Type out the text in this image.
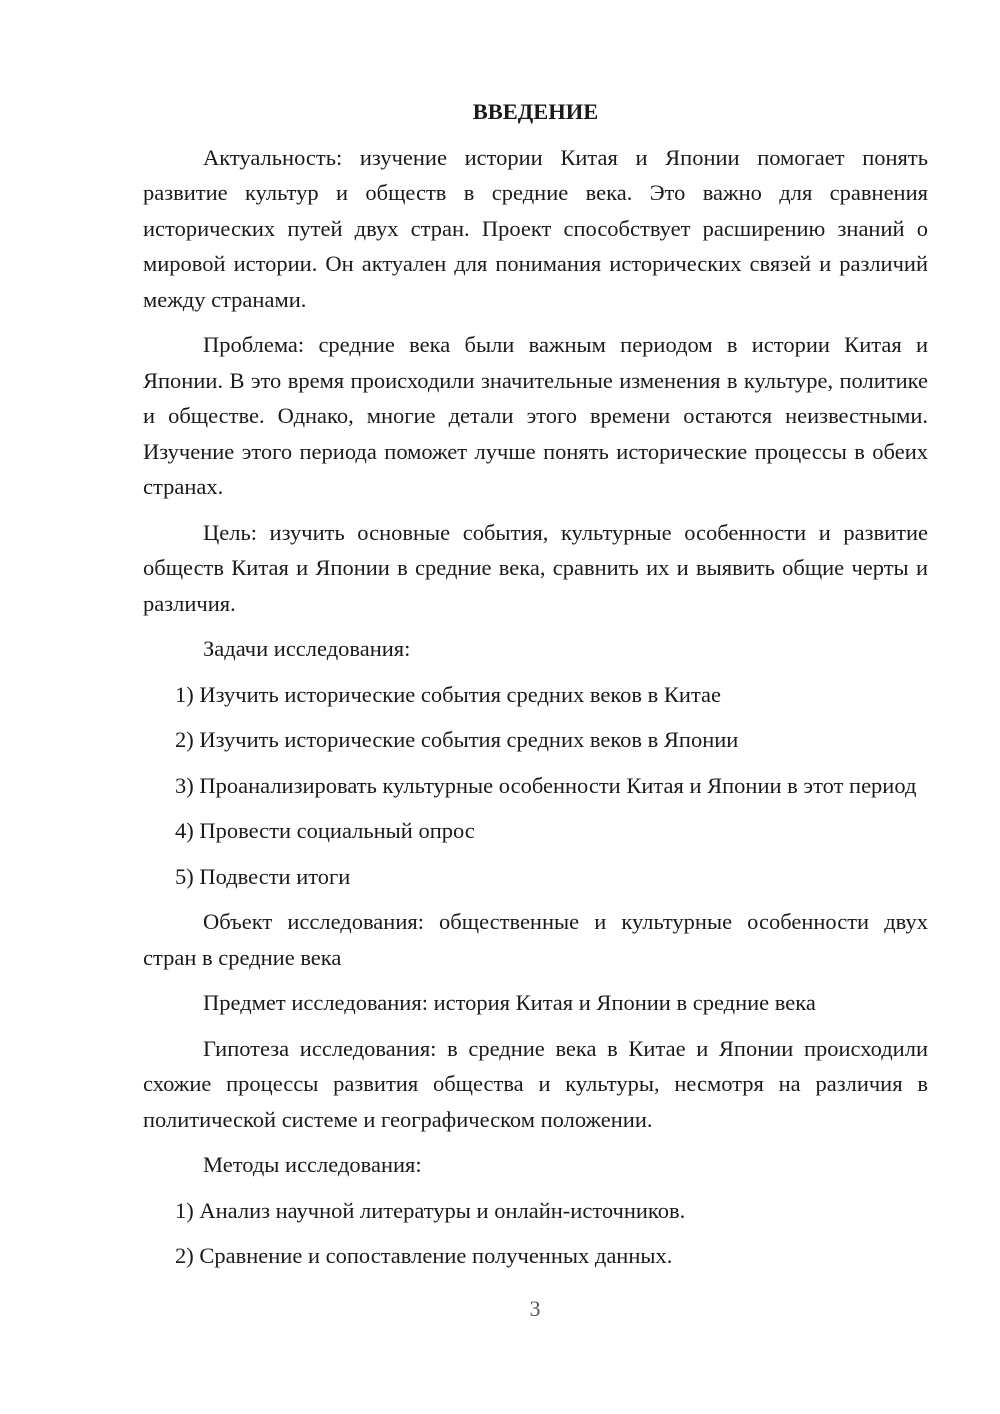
ВВЕДЕНИЕ
Актуальность: изучение истории Китая и Японии помогает понять развитие культур и обществ в средние века. Это важно для сравнения исторических путей двух стран. Проект способствует расширению знаний о мировой истории. Он актуален для понимания исторических связей и различий между странами.
Проблема: средние века были важным периодом в истории Китая и Японии. В это время происходили значительные изменения в культуре, политике и обществе. Однако, многие детали этого времени остаются неизвестными. Изучение этого периода поможет лучше понять исторические процессы в обеих странах.
Цель: изучить основные события, культурные особенности и развитие обществ Китая и Японии в средние века, сравнить их и выявить общие черты и различия.
Задачи исследования:
1) Изучить исторические события средних веков в Китае
2) Изучить исторические события средних веков в Японии
3) Проанализировать культурные особенности Китая и Японии в этот период
4) Провести социальный опрос
5) Подвести итоги
Объект исследования: общественные и культурные особенности двух стран в средние века
Предмет исследования: история Китая и Японии в средние века
Гипотеза исследования: в средние века в Китае и Японии происходили схожие процессы развития общества и культуры, несмотря на различия в политической системе и географическом положении.
Методы исследования:
1) Анализ научной литературы и онлайн-источников.
2) Сравнение и сопоставление полученных данных.
3
